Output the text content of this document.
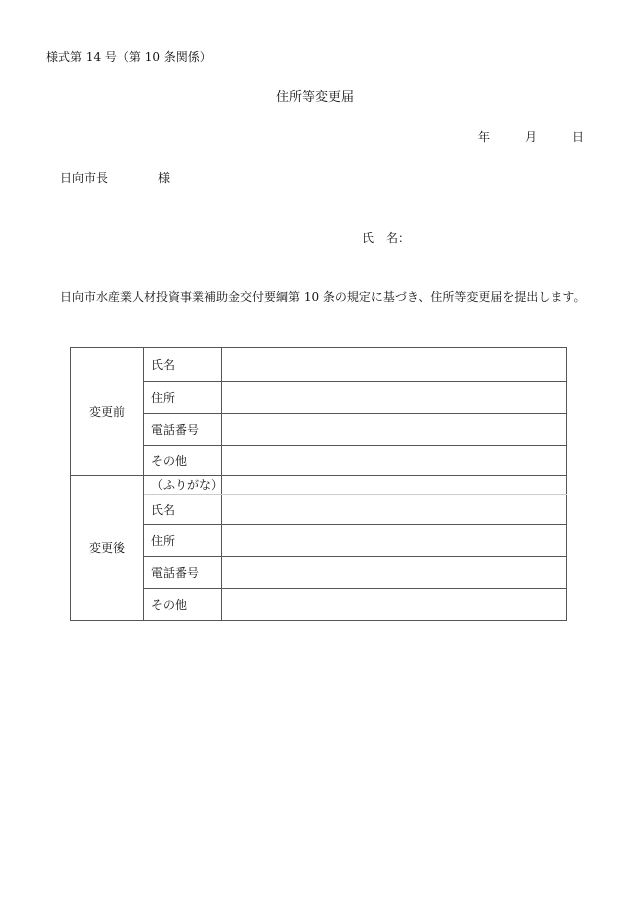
様式第 14 号（第 10 条関係）
住所等変更届
年	月	日
日向市長	様
氏　名：
日向市水産業人材投資事業補助金交付要綱第 10 条の規定に基づき、住所等変更届を提出します。
変更前	氏名	
	住所	
	電話番号	
	その他	
変更後	（ふりがな）	
	氏名	
	住所	
	電話番号	
	その他	
